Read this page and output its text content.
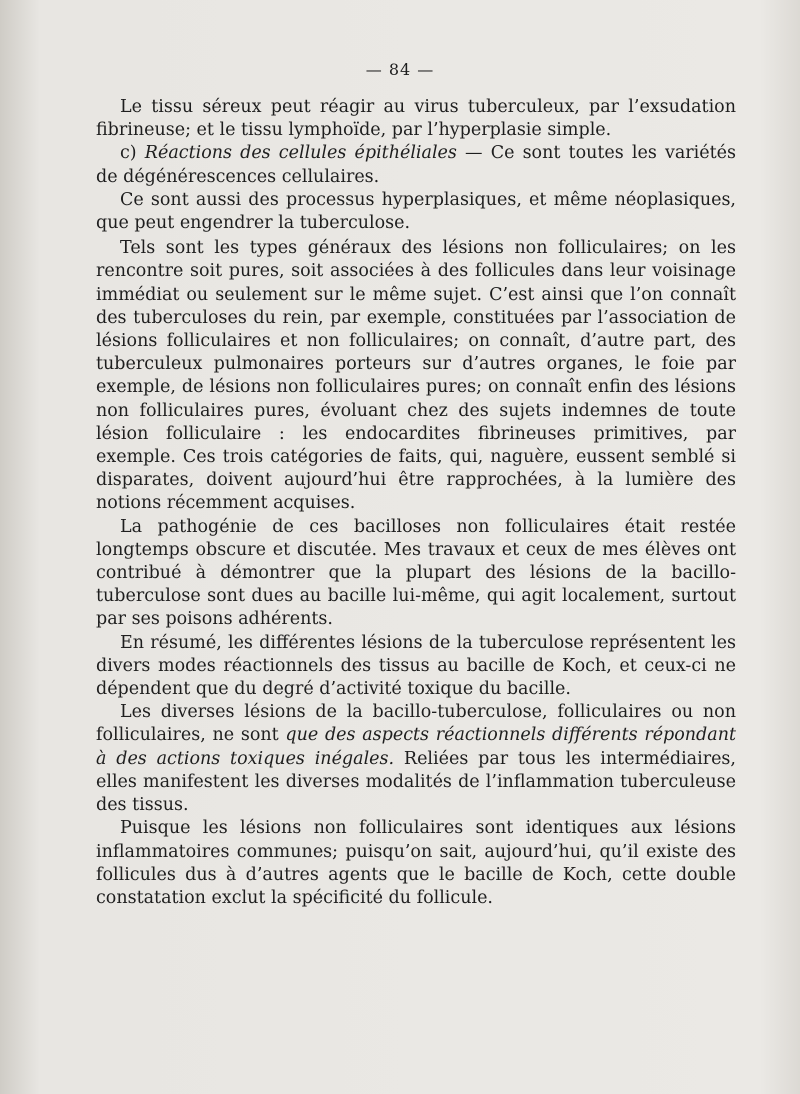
— 84 —

Le tissu séreux peut réagir au virus tuberculeux, par l’exsudation fibrineuse; et le tissu lymphoïde, par l’hyperplasie simple.

c) Réactions des cellules épithéliales — Ce sont toutes les variétés de dégénérescences cellulaires.

Ce sont aussi des processus hyperplasiques, et même néoplasiques, que peut engendrer la tuberculose.

Tels sont les types généraux des lésions non folliculaires; on les rencontre soit pures, soit associées à des follicules dans leur voisinage immédiat ou seulement sur le même sujet. C’est ainsi que l’on connaît des tuberculoses du rein, par exemple, constituées par l’association de lésions folliculaires et non folliculaires; on connaît, d’autre part, des tuberculeux pulmonaires porteurs sur d’autres organes, le foie par exemple, de lésions non folliculaires pures; on connaît enfin des lésions non folliculaires pures, évoluant chez des sujets indemnes de toute lésion folliculaire : les endocardites fibrineuses primitives, par exemple. Ces trois catégories de faits, qui, naguère, eussent semblé si disparates, doivent aujourd’hui être rapprochées, à la lumière des notions récemment acquises.

La pathogénie de ces bacilloses non folliculaires était restée longtemps obscure et discutée. Mes travaux et ceux de mes élèves ont contribué à démontrer que la plupart des lésions de la bacillo-tuberculose sont dues au bacille lui-même, qui agit localement, surtout par ses poisons adhérents.

En résumé, les différentes lésions de la tuberculose représentent les divers modes réactionnels des tissus au bacille de Koch, et ceux-ci ne dépendent que du degré d’activité toxique du bacille.

Les diverses lésions de la bacillo-tuberculose, folliculaires ou non folliculaires, ne sont que des aspects réactionnels différents répondant à des actions toxiques inégales. Reliées par tous les intermédiaires, elles manifestent les diverses modalités de l’inflammation tuberculeuse des tissus.

Puisque les lésions non folliculaires sont identiques aux lésions inflammatoires communes; puisqu’on sait, aujourd’hui, qu’il existe des follicules dus à d’autres agents que le bacille de Koch, cette double constatation exclut la spécificité du follicule.
